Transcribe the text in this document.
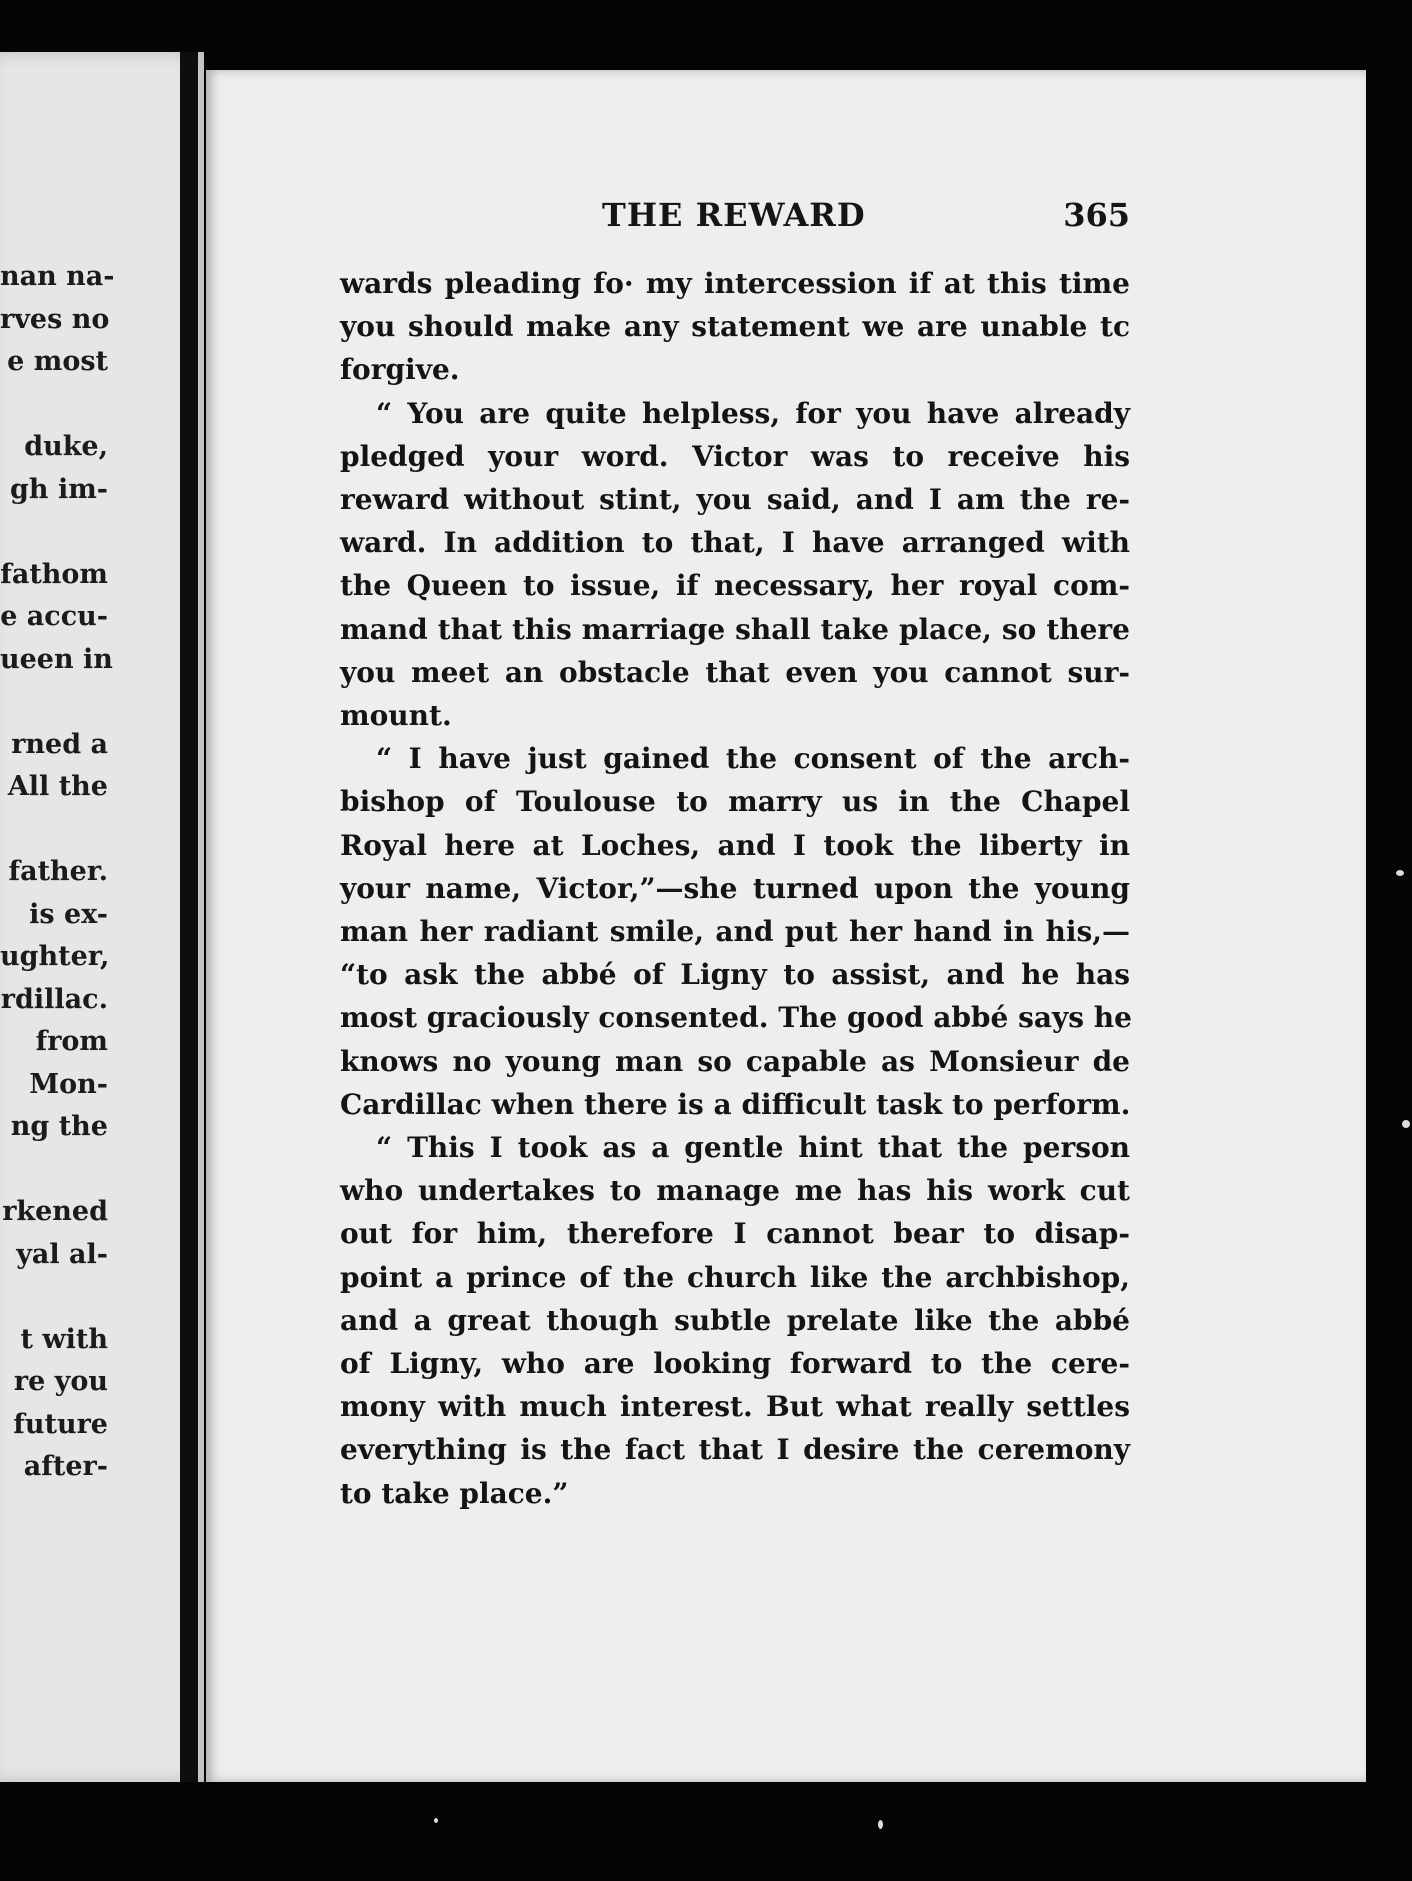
nan na-
rves no
e most

duke,
gh im-

fathom
e accu-
ueen in

rned a
All the

father.
is ex-
ughter,
rdillac.
from
Mon-
ng the

rkened
yal al-

t with
re you
future
after-
THE REWARD	365
wards pleading fo· my intercession if at this time
you should make any statement we are unable tc
forgive.
“ You are quite helpless, for you have already
pledged your word. Victor was to receive his
reward without stint, you said, and I am the re-
ward. In addition to that, I have arranged with
the Queen to issue, if necessary, her royal com-
mand that this marriage shall take place, so there
you meet an obstacle that even you cannot sur-
mount.
“ I have just gained the consent of the arch-
bishop of Toulouse to marry us in the Chapel
Royal here at Loches, and I took the liberty in
your name, Victor,”—she turned upon the young
man her radiant smile, and put her hand in his,—
“to ask the abbé of Ligny to assist, and he has
most graciously consented. The good abbé says he
knows no young man so capable as Monsieur de
Cardillac when there is a difficult task to perform.
“ This I took as a gentle hint that the person
who undertakes to manage me has his work cut
out for him, therefore I cannot bear to disap-
point a prince of the church like the archbishop,
and a great though subtle prelate like the abbé
of Ligny, who are looking forward to the cere-
mony with much interest. But what really settles
everything is the fact that I desire the ceremony
to take place.”
